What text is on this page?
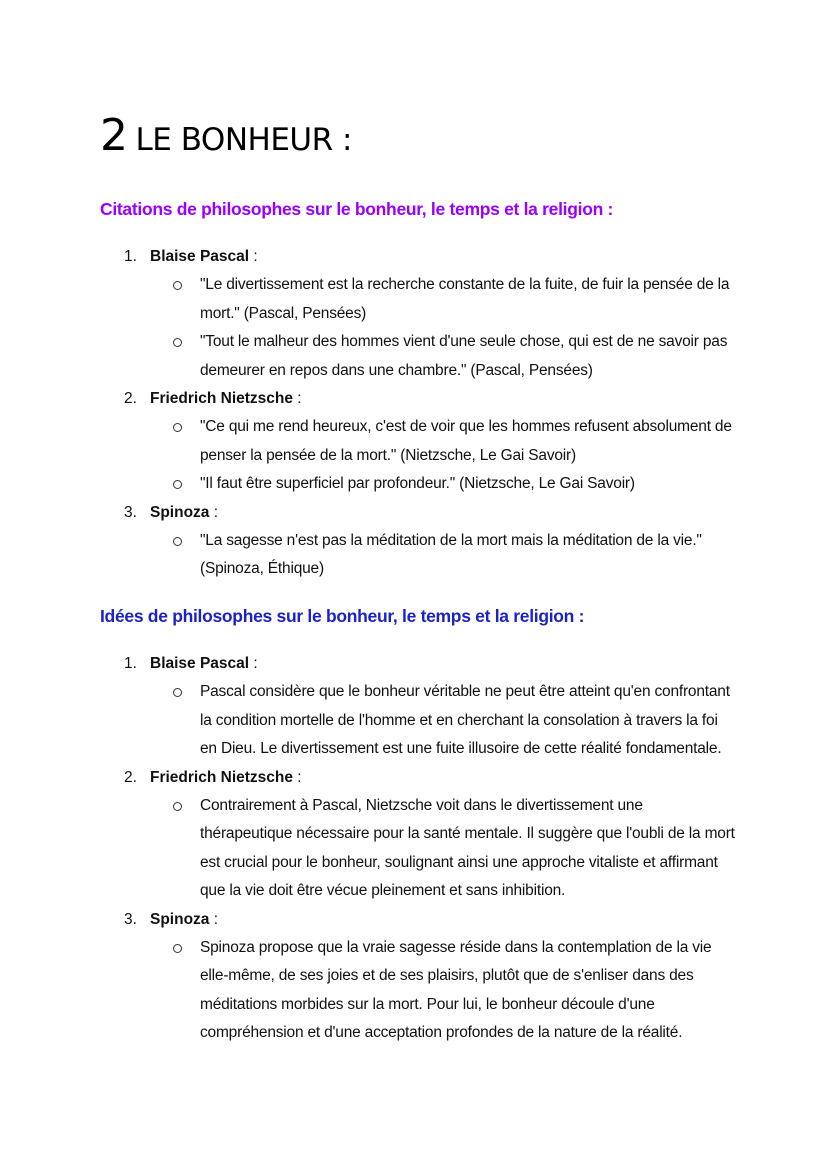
2 LE BONHEUR :
Citations de philosophes sur le bonheur, le temps et la religion :
1. Blaise Pascal :
"Le divertissement est la recherche constante de la fuite, de fuir la pensée de la mort." (Pascal, Pensées)
"Tout le malheur des hommes vient d'une seule chose, qui est de ne savoir pas demeurer en repos dans une chambre." (Pascal, Pensées)
2. Friedrich Nietzsche :
"Ce qui me rend heureux, c'est de voir que les hommes refusent absolument de penser la pensée de la mort." (Nietzsche, Le Gai Savoir)
"Il faut être superficiel par profondeur." (Nietzsche, Le Gai Savoir)
3. Spinoza :
"La sagesse n'est pas la méditation de la mort mais la méditation de la vie." (Spinoza, Éthique)
Idées de philosophes sur le bonheur, le temps et la religion :
1. Blaise Pascal :
Pascal considère que le bonheur véritable ne peut être atteint qu'en confrontant la condition mortelle de l'homme et en cherchant la consolation à travers la foi en Dieu. Le divertissement est une fuite illusoire de cette réalité fondamentale.
2. Friedrich Nietzsche :
Contrairement à Pascal, Nietzsche voit dans le divertissement une thérapeutique nécessaire pour la santé mentale. Il suggère que l'oubli de la mort est crucial pour le bonheur, soulignant ainsi une approche vitaliste et affirmant que la vie doit être vécue pleinement et sans inhibition.
3. Spinoza :
Spinoza propose que la vraie sagesse réside dans la contemplation de la vie elle-même, de ses joies et de ses plaisirs, plutôt que de s'enliser dans des méditations morbides sur la mort. Pour lui, le bonheur découle d'une compréhension et d'une acceptation profondes de la nature de la réalité.
